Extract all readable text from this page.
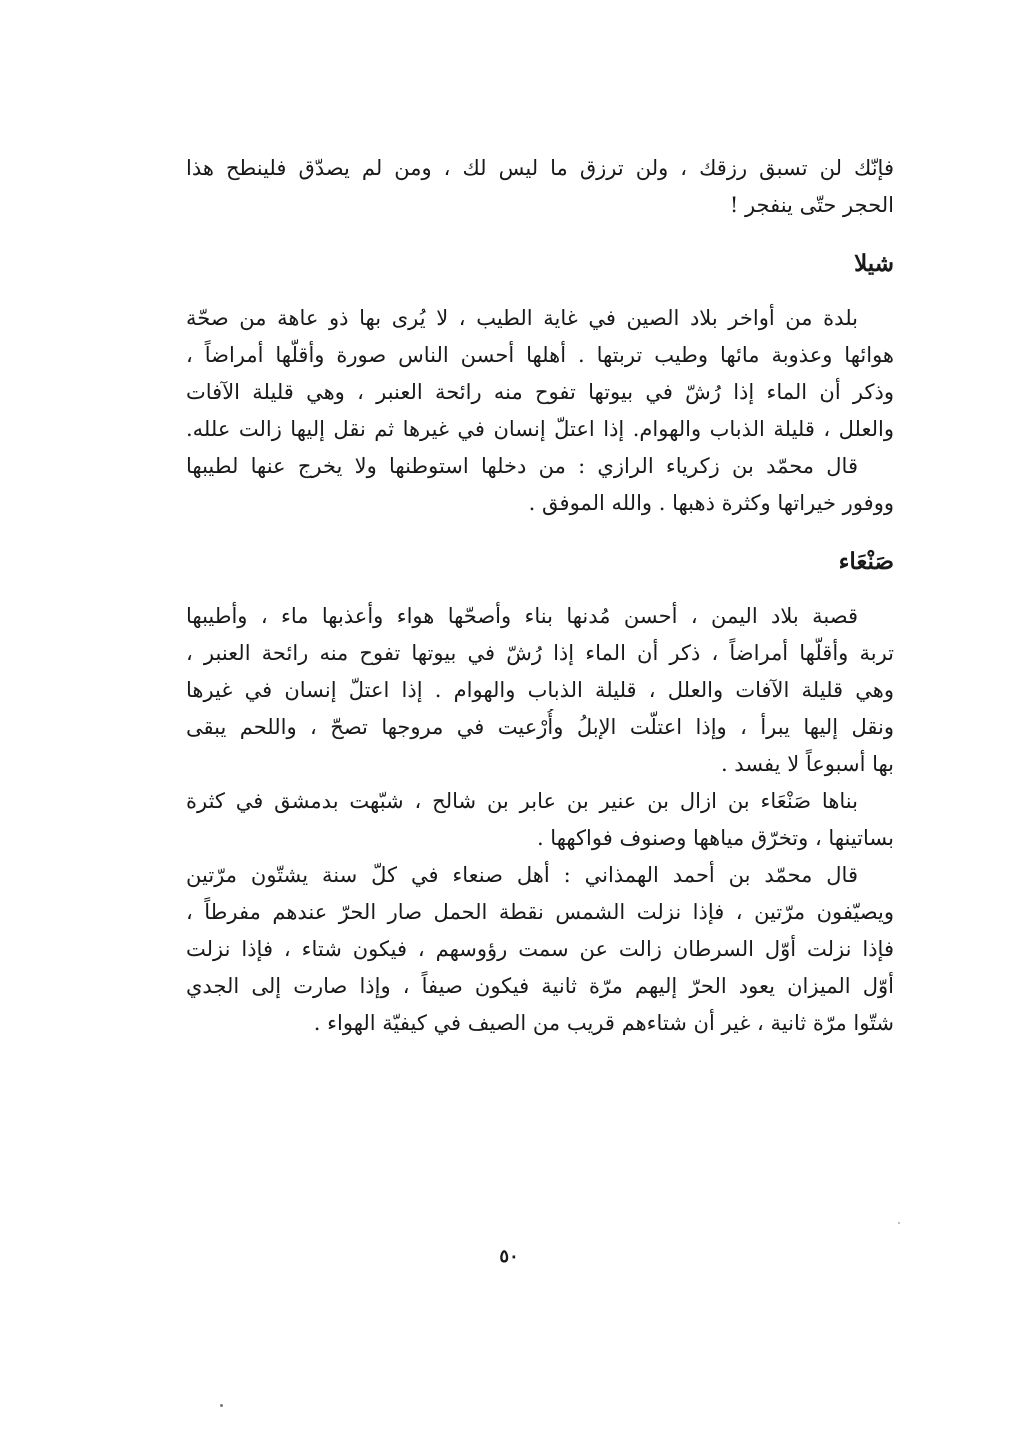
فإنّك لن تسبق رزقك ، ولن ترزق ما ليس لك ، ومن لم يصدّق فلينطح هذا
الحجر حتّى ينفجر !
شيلا
بلدة من أواخر بلاد الصين في غاية الطيب ، لا يُرى بها ذو عاهة من صحّة
هوائها وعذوبة مائها وطيب تربتها . أهلها أحسن الناس صورة وأقلّها أمراضاً ،
وذكر أن الماء إذا رُشّ في بيوتها تفوح منه رائحة العنبر ، وهي قليلة الآفات
والعلل ، قليلة الذباب والهوام. إذا اعتلّ إنسان في غيرها ثم نقل إليها زالت علله.
قال محمّد بن زكرياء الرازي : من دخلها استوطنها ولا يخرج عنها لطيبها
ووفور خيراتها وكثرة ذهبها . والله الموفق .
صَنْعَاء
قصبة بلاد اليمن ، أحسن مُدنها بناء وأصحّها هواء وأعذبها ماء ، وأطيبها
تربة وأقلّها أمراضاً ، ذكر أن الماء إذا رُشّ في بيوتها تفوح منه رائحة العنبر ،
وهي قليلة الآفات والعلل ، قليلة الذباب والهوام . إذا اعتلّ إنسان في غيرها
ونقل إليها يبرأ ، وإذا اعتلّت الإبلُ وأُرْعيت في مروجها تصحّ ، واللحم يبقى
بها أسبوعاً لا يفسد .
بناها صَنْعَاء بن ازال بن عنير بن عابر بن شالح ، شبّهت بدمشق في كثرة
بساتينها ، وتخرّق مياهها وصنوف فواكهها .
قال محمّد بن أحمد الهمذاني : أهل صنعاء في كلّ سنة يشتّون مرّتين
ويصيّفون مرّتين ، فإذا نزلت الشمس نقطة الحمل صار الحرّ عندهم مفرطاً ،
فإذا نزلت أوّل السرطان زالت عن سمت رؤوسهم ، فيكون شتاء ، فإذا نزلت
أوّل الميزان يعود الحرّ إليهم مرّة ثانية فيكون صيفاً ، وإذا صارت إلى الجدي
شتّوا مرّة ثانية ، غير أن شتاءهم قريب من الصيف في كيفيّة الهواء .
٥٠
